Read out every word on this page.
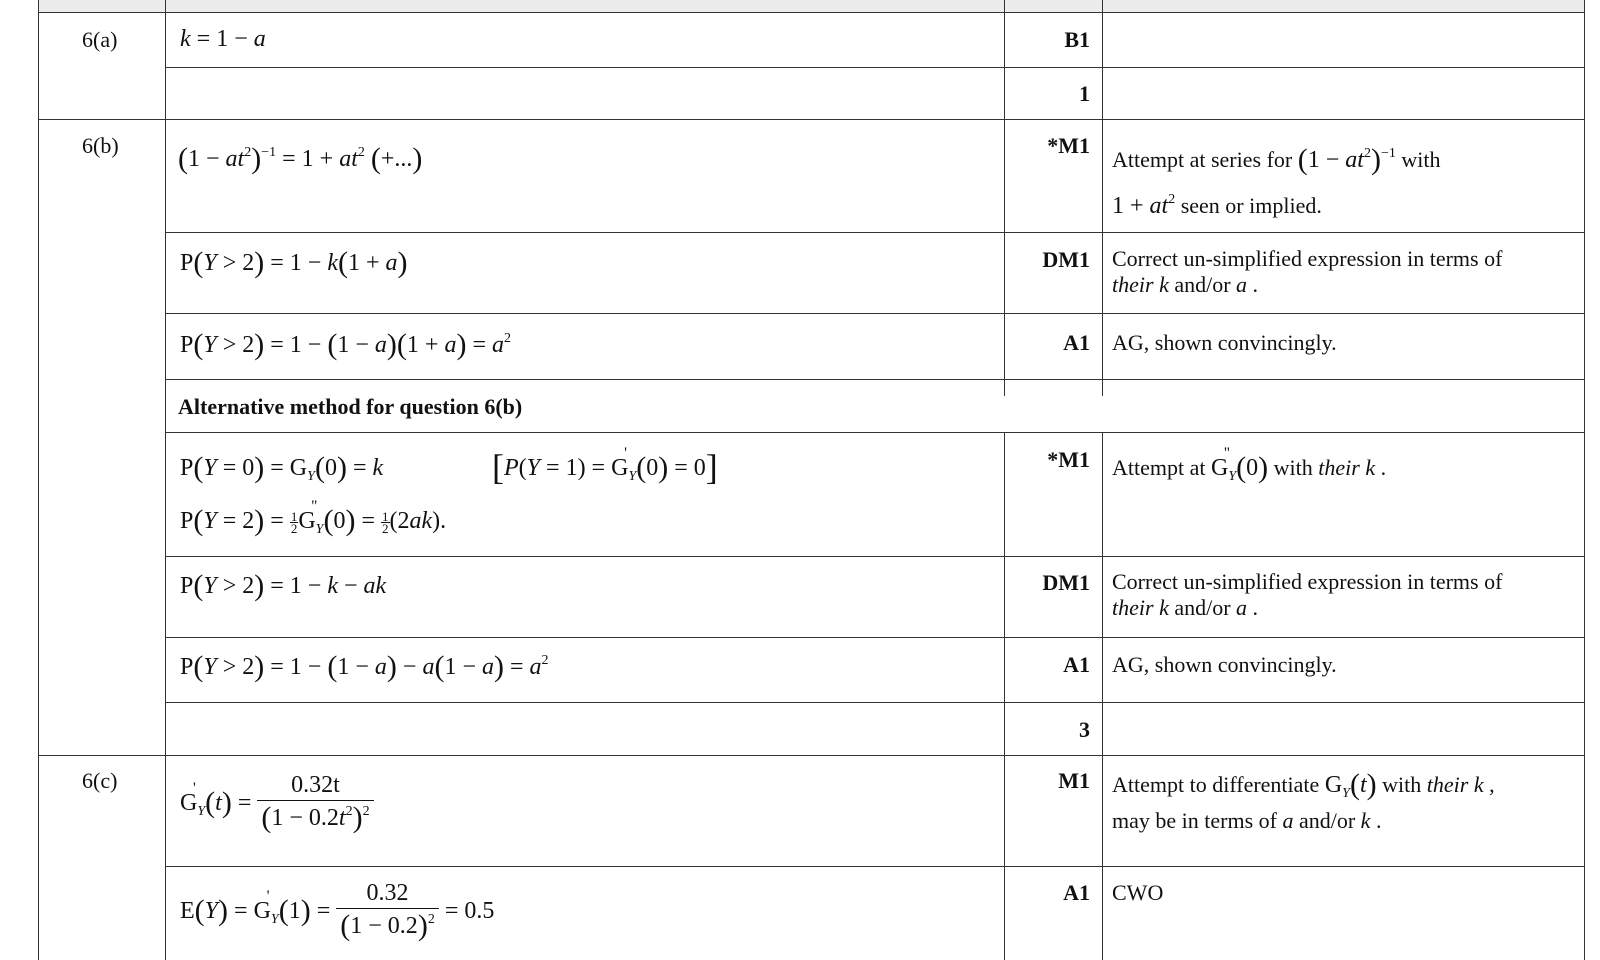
6(a)
6(b)
6(c)
k = 1 − a	B1
1
*M1
DM1
A1
*M1
DM1
A1
3
M1
A1
$(1 - at^2)^{-1} = 1 + at^2$ (+...)
P(Y > 2) = 1 − k(1 + a)
$P(Y > 2) = 1 - (1 - a)(1 + a) = a^2$
Alternative method for question 6(b)
$P(Y = 0) = G_Y(0) = k$	[P(Y = 1) = G '$_Y(0) = 0$]
$P(Y = 2) = \frac{1}{2}$ G ''$_Y(0) = \frac{1}{2} (2ak)$.
P(Y > 2) = 1 − k − ak
$P(Y > 2) = 1 - (1 - a) - a(1 - a) = a^2$
G '$_Y(t) = \frac{0.32t}{(1 - 0.2t^2)^2}$
E(Y) = G '$_Y(1) = \frac{0.32}{(1 - 0.2)^2} = 0.5$
Attempt at series for $(1 - at^2)^{-1}$ with
$1 + at^2$ seen or implied.
Correct un-simplified expression in terms of
their k and/or a .
AG, shown convincingly.
Attempt at G ''$_Y(0)$ with their k .
Correct un-simplified expression in terms of
their k and/or a .
AG, shown convincingly.
Attempt to differentiate $G_Y(t)$ with their k ,
may be in terms of a and/or k .
CWO
